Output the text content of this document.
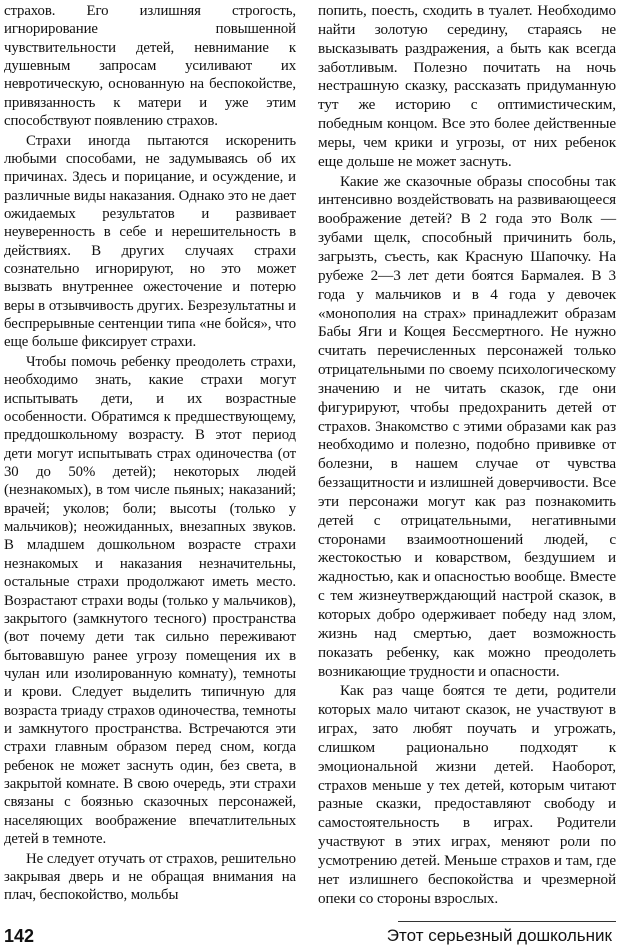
страхов. Его излишняя строгость, игнорирование повышенной чувствительности детей, невнимание к душевным запросам усиливают их невротическую, основанную на беспокойстве, привязанность к матери и уже этим способствуют появлению страхов.

Страхи иногда пытаются искоренить любыми способами, не задумываясь об их причинах. Здесь и порицание, и осуждение, и различные виды наказания. Однако это не дает ожидаемых результатов и развивает неуверенность в себе и нерешительность в действиях. В других случаях страхи сознательно игнорируют, но это может вызвать внутреннее ожесточение и потерю веры в отзывчивость других. Безрезультатны и беспрерывные сентенции типа «не бойся», что еще больше фиксирует страхи.

Чтобы помочь ребенку преодолеть страхи, необходимо знать, какие страхи могут испытывать дети, и их возрастные особенности. Обратимся к предшествующему, преддошкольному возрасту. В этот период дети могут испытывать страх одиночества (от 30 до 50% детей); некоторых людей (незнакомых), в том числе пьяных; наказаний; врачей; уколов; боли; высоты (только у мальчиков); неожиданных, внезапных звуков. В младшем дошкольном возрасте страхи незнакомых и наказания незначительны, остальные страхи продолжают иметь место. Возрастают страхи воды (только у мальчиков), закрытого (замкнутого тесного) пространства (вот почему дети так сильно переживают бытовавшую ранее угрозу помещения их в чулан или изолированную комнату), темноты и крови. Следует выделить типичную для возраста триаду страхов одиночества, темноты и замкнутого пространства. Встречаются эти страхи главным образом перед сном, когда ребенок не может заснуть один, без света, в закрытой комнате. В свою очередь, эти страхи связаны с боязнью сказочных персонажей, населяющих воображение впечатлительных детей в темноте.

Не следует отучать от страхов, решительно закрывая дверь и не обращая внимания на плач, беспокойство, мольбы

попить, поесть, сходить в туалет. Необходимо найти золотую середину, стараясь не высказывать раздражения, а быть как всегда заботливым. Полезно почитать на ночь нестрашную сказку, рассказать придуманную тут же историю с оптимистическим, победным концом. Все это более действенные меры, чем крики и угрозы, от них ребенок еще дольше не может заснуть.

Какие же сказочные образы способны так интенсивно воздействовать на развивающееся воображение детей? В 2 года это Волк — зубами щелк, способный причинить боль, загрызть, съесть, как Красную Шапочку. На рубеже 2—3 лет дети боятся Бармалея. В 3 года у мальчиков и в 4 года у девочек «монополия на страх» принадлежит образам Бабы Яги и Кощея Бессмертного. Не нужно считать перечисленных персонажей только отрицательными по своему психологическому значению и не читать сказок, где они фигурируют, чтобы предохранить детей от страхов. Знакомство с этими образами как раз необходимо и полезно, подобно прививке от болезни, в нашем случае от чувства беззащитности и излишней доверчивости. Все эти персонажи могут как раз познакомить детей с отрицательными, негативными сторонами взаимоотношений людей, с жестокостью и коварством, бездушием и жадностью, как и опасностью вообще. Вместе с тем жизнеутверждающий настрой сказок, в которых добро одерживает победу над злом, жизнь над смертью, дает возможность показать ребенку, как можно преодолеть возникающие трудности и опасности.

Как раз чаще боятся те дети, родители которых мало читают сказок, не участвуют в играх, зато любят поучать и угрожать, слишком рационально подходят к эмоциональной жизни детей. Наоборот, страхов меньше у тех детей, которым читают разные сказки, предоставляют свободу и самостоятельность в играх. Родители участвуют в этих играх, меняют роли по усмотрению детей. Меньше страхов и там, где нет излишнего беспокойства и чрезмерной опеки со стороны взрослых.

142	Этот серьезный дошкольник
